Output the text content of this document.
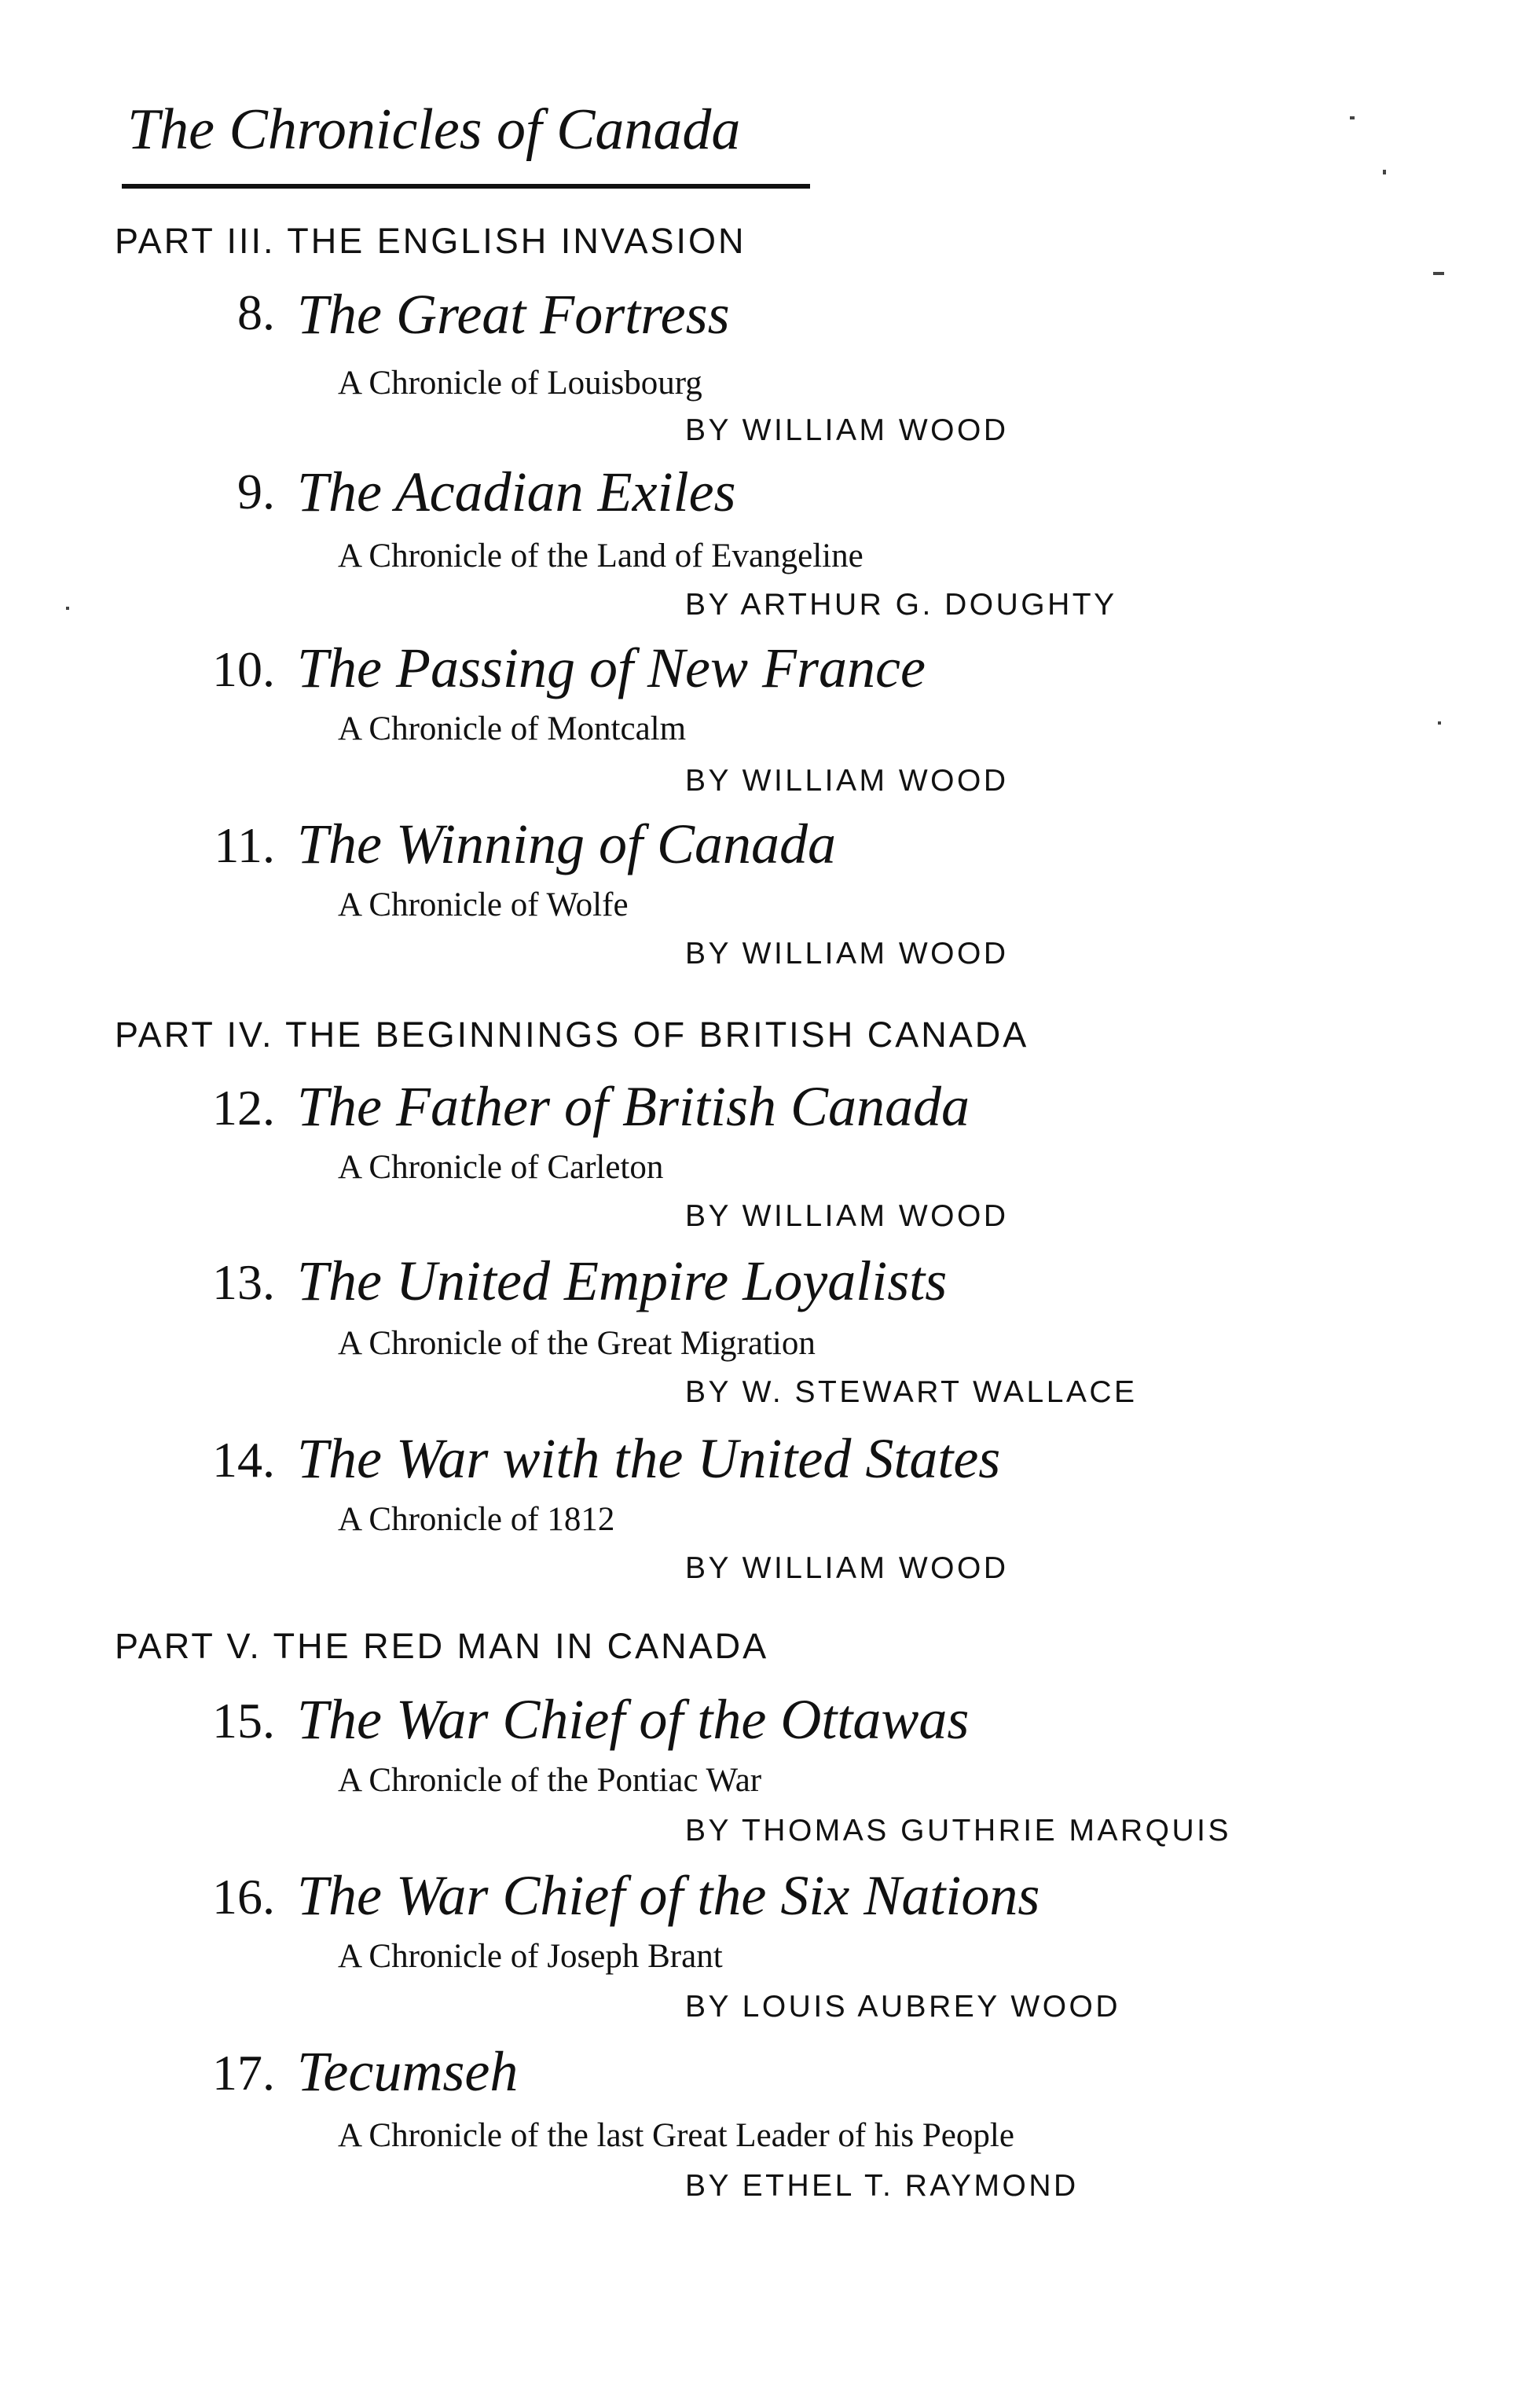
The Chronicles of Canada
PART III. THE ENGLISH INVASION
8. The Great Fortress
A Chronicle of Louisbourg
BY WILLIAM WOOD
9. The Acadian Exiles
A Chronicle of the Land of Evangeline
BY ARTHUR G. DOUGHTY
10. The Passing of New France
A Chronicle of Montcalm
BY WILLIAM WOOD
11. The Winning of Canada
A Chronicle of Wolfe
BY WILLIAM WOOD
PART IV. THE BEGINNINGS OF BRITISH CANADA
12. The Father of British Canada
A Chronicle of Carleton
BY WILLIAM WOOD
13. The United Empire Loyalists
A Chronicle of the Great Migration
BY W. STEWART WALLACE
14. The War with the United States
A Chronicle of 1812
BY WILLIAM WOOD
PART V. THE RED MAN IN CANADA
15. The War Chief of the Ottawas
A Chronicle of the Pontiac War
BY THOMAS GUTHRIE MARQUIS
16. The War Chief of the Six Nations
A Chronicle of Joseph Brant
BY LOUIS AUBREY WOOD
17. Tecumseh
A Chronicle of the last Great Leader of his People
BY ETHEL T. RAYMOND
